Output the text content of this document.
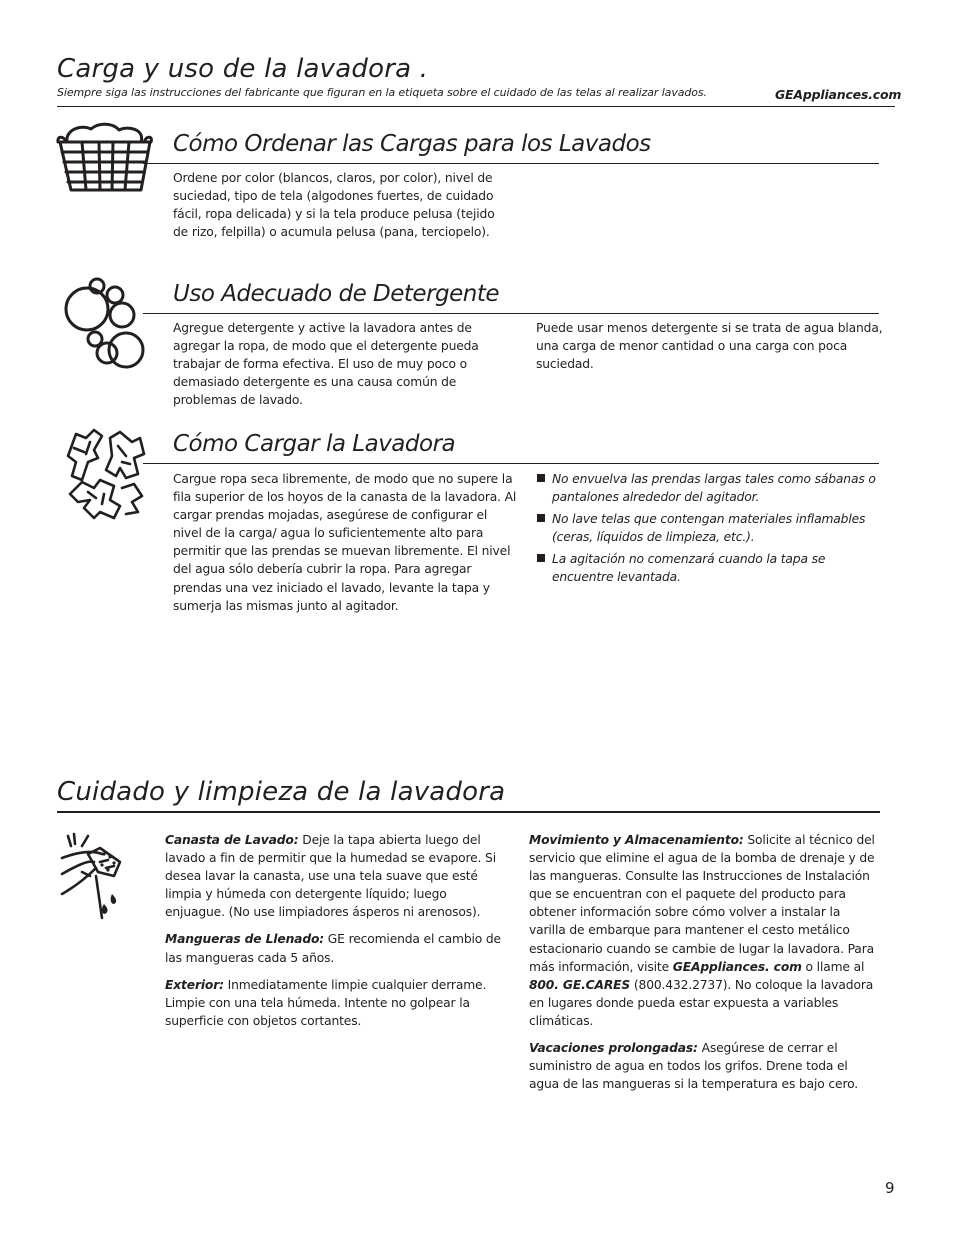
Carga y uso de la lavadora .
Siempre siga las instrucciones del fabricante que figuran en la etiqueta sobre el cuidado de las telas al realizar lavados.	GEAppliances.com
Cómo Ordenar las Cargas para los Lavados
Ordene por color (blancos, claros, por color), nivel de suciedad, tipo de tela (algodones fuertes, de cuidado fácil, ropa delicada) y si la tela produce pelusa (tejido de rizo, felpilla) o acumula pelusa (pana, terciopelo).
Uso Adecuado de Detergente
Agregue detergente y active la lavadora antes de agregar la ropa, de modo que el detergente pueda trabajar de forma efectiva. El uso de muy poco o demasiado detergente es una causa común de problemas de lavado.
Puede usar menos detergente si se trata de agua blanda, una carga de menor cantidad o una carga con poca suciedad.
Cómo Cargar la Lavadora
Cargue ropa seca libremente, de modo que no supere la fila superior de los hoyos de la canasta de la lavadora. Al cargar prendas mojadas, asegúrese de configurar el nivel de la carga/ agua lo suficientemente alto para permitir que las prendas se muevan libremente. El nivel del agua sólo debería cubrir la ropa. Para agregar prendas una vez iniciado el lavado, levante la tapa y sumerja las mismas junto al agitador.
No envuelva las prendas largas tales como sábanas o pantalones alrededor del agitador.
No lave telas que contengan materiales inflamables (ceras, líquidos de limpieza, etc.).
La agitación no comenzará cuando la tapa se encuentre levantada.
Cuidado y limpieza de la lavadora

Canasta de Lavado: Deje la tapa abierta luego del lavado a fin de permitir que la humedad se evapore. Si desea lavar la canasta, use una tela suave que esté limpia y húmeda con detergente líquido; luego enjuague. (No use limpiadores ásperos ni arenosos).

Mangueras de Llenado: GE recomienda el cambio de las mangueras cada 5 años.

Exterior: Inmediatamente limpie cualquier derrame. Limpie con una tela húmeda. Intente no golpear la superficie con objetos cortantes.

Movimiento y Almacenamiento: Solicite al técnico del servicio que elimine el agua de la bomba de drenaje y de las mangueras. Consulte las Instrucciones de Instalación que se encuentran con el paquete del producto para obtener información sobre cómo volver a instalar la varilla de embarque para mantener el cesto metálico estacionario cuando se cambie de lugar la lavadora. Para más información, visite GEAppliances. com o llame al 800. GE.CARES (800.432.2737). No coloque la lavadora en lugares donde pueda estar expuesta a variables climáticas.

Vacaciones prolongadas: Asegúrese de cerrar el suministro de agua en todos los grifos. Drene toda el agua de las mangueras si la temperatura es bajo cero.

9
